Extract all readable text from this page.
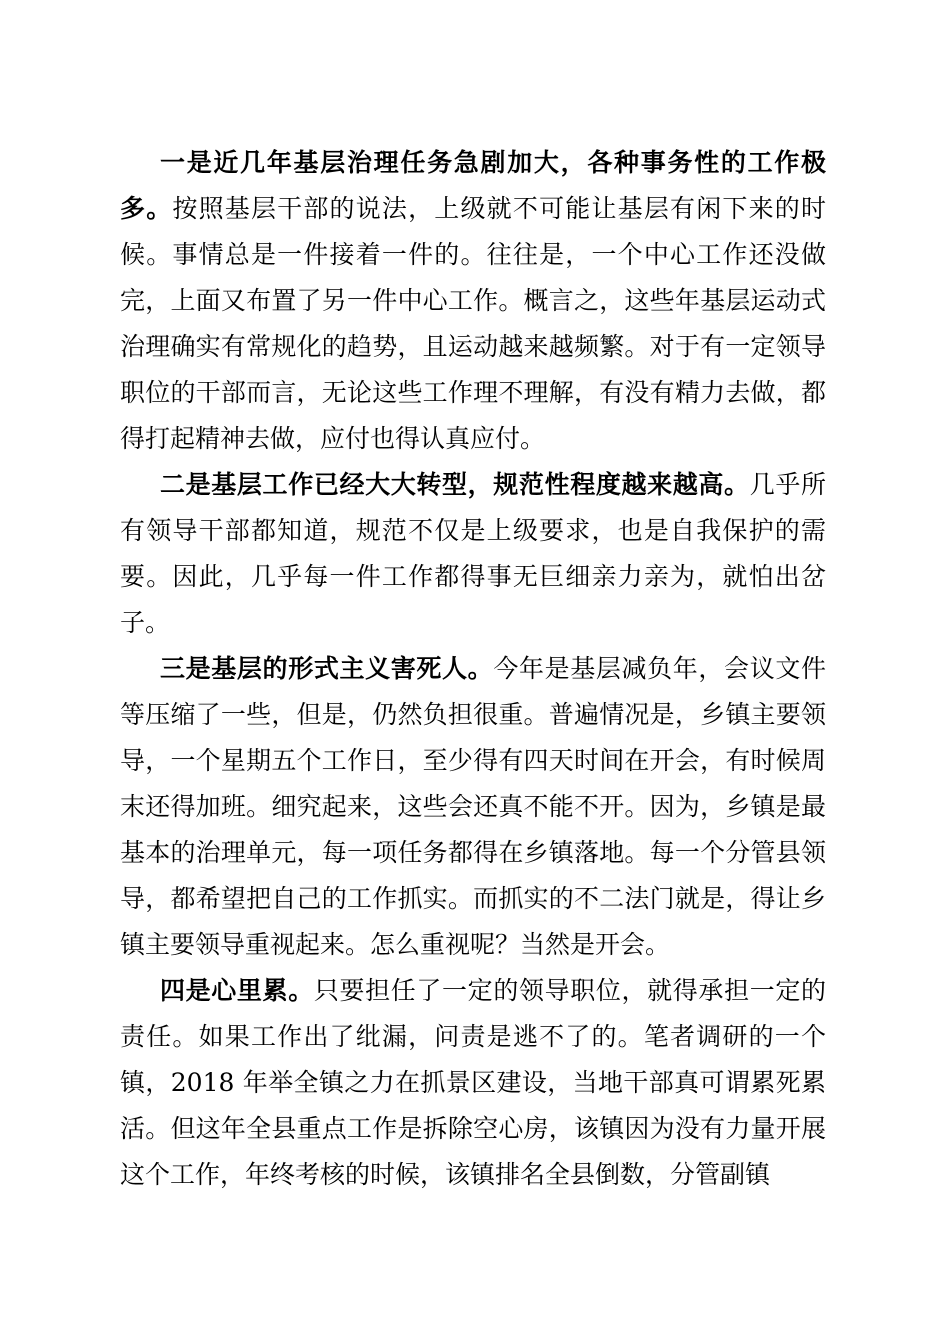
一是近几年基层治理任务急剧加大，各种事务性的工作极多。按照基层干部的说法，上级就不可能让基层有闲下来的时候。事情总是一件接着一件的。往往是，一个中心工作还没做完，上面又布置了另一件中心工作。概言之，这些年基层运动式治理确实有常规化的趋势，且运动越来越频繁。对于有一定领导职位的干部而言，无论这些工作理不理解，有没有精力去做，都得打起精神去做，应付也得认真应付。

二是基层工作已经大大转型，规范性程度越来越高。几乎所有领导干部都知道，规范不仅是上级要求，也是自我保护的需要。因此，几乎每一件工作都得事无巨细亲力亲为，就怕出岔子。

三是基层的形式主义害死人。今年是基层减负年，会议文件等压缩了一些，但是，仍然负担很重。普遍情况是，乡镇主要领导，一个星期五个工作日，至少得有四天时间在开会，有时候周末还得加班。细究起来，这些会还真不能不开。因为，乡镇是最基本的治理单元，每一项任务都得在乡镇落地。每一个分管县领导，都希望把自己的工作抓实。而抓实的不二法门就是，得让乡镇主要领导重视起来。怎么重视呢？当然是开会。

四是心里累。只要担任了一定的领导职位，就得承担一定的责任。如果工作出了纰漏，问责是逃不了的。笔者调研的一个镇，2018 年举全镇之力在抓景区建设，当地干部真可谓累死累活。但这年全县重点工作是拆除空心房，该镇因为没有力量开展这个工作，年终考核的时候，该镇排名全县倒数，分管副镇
